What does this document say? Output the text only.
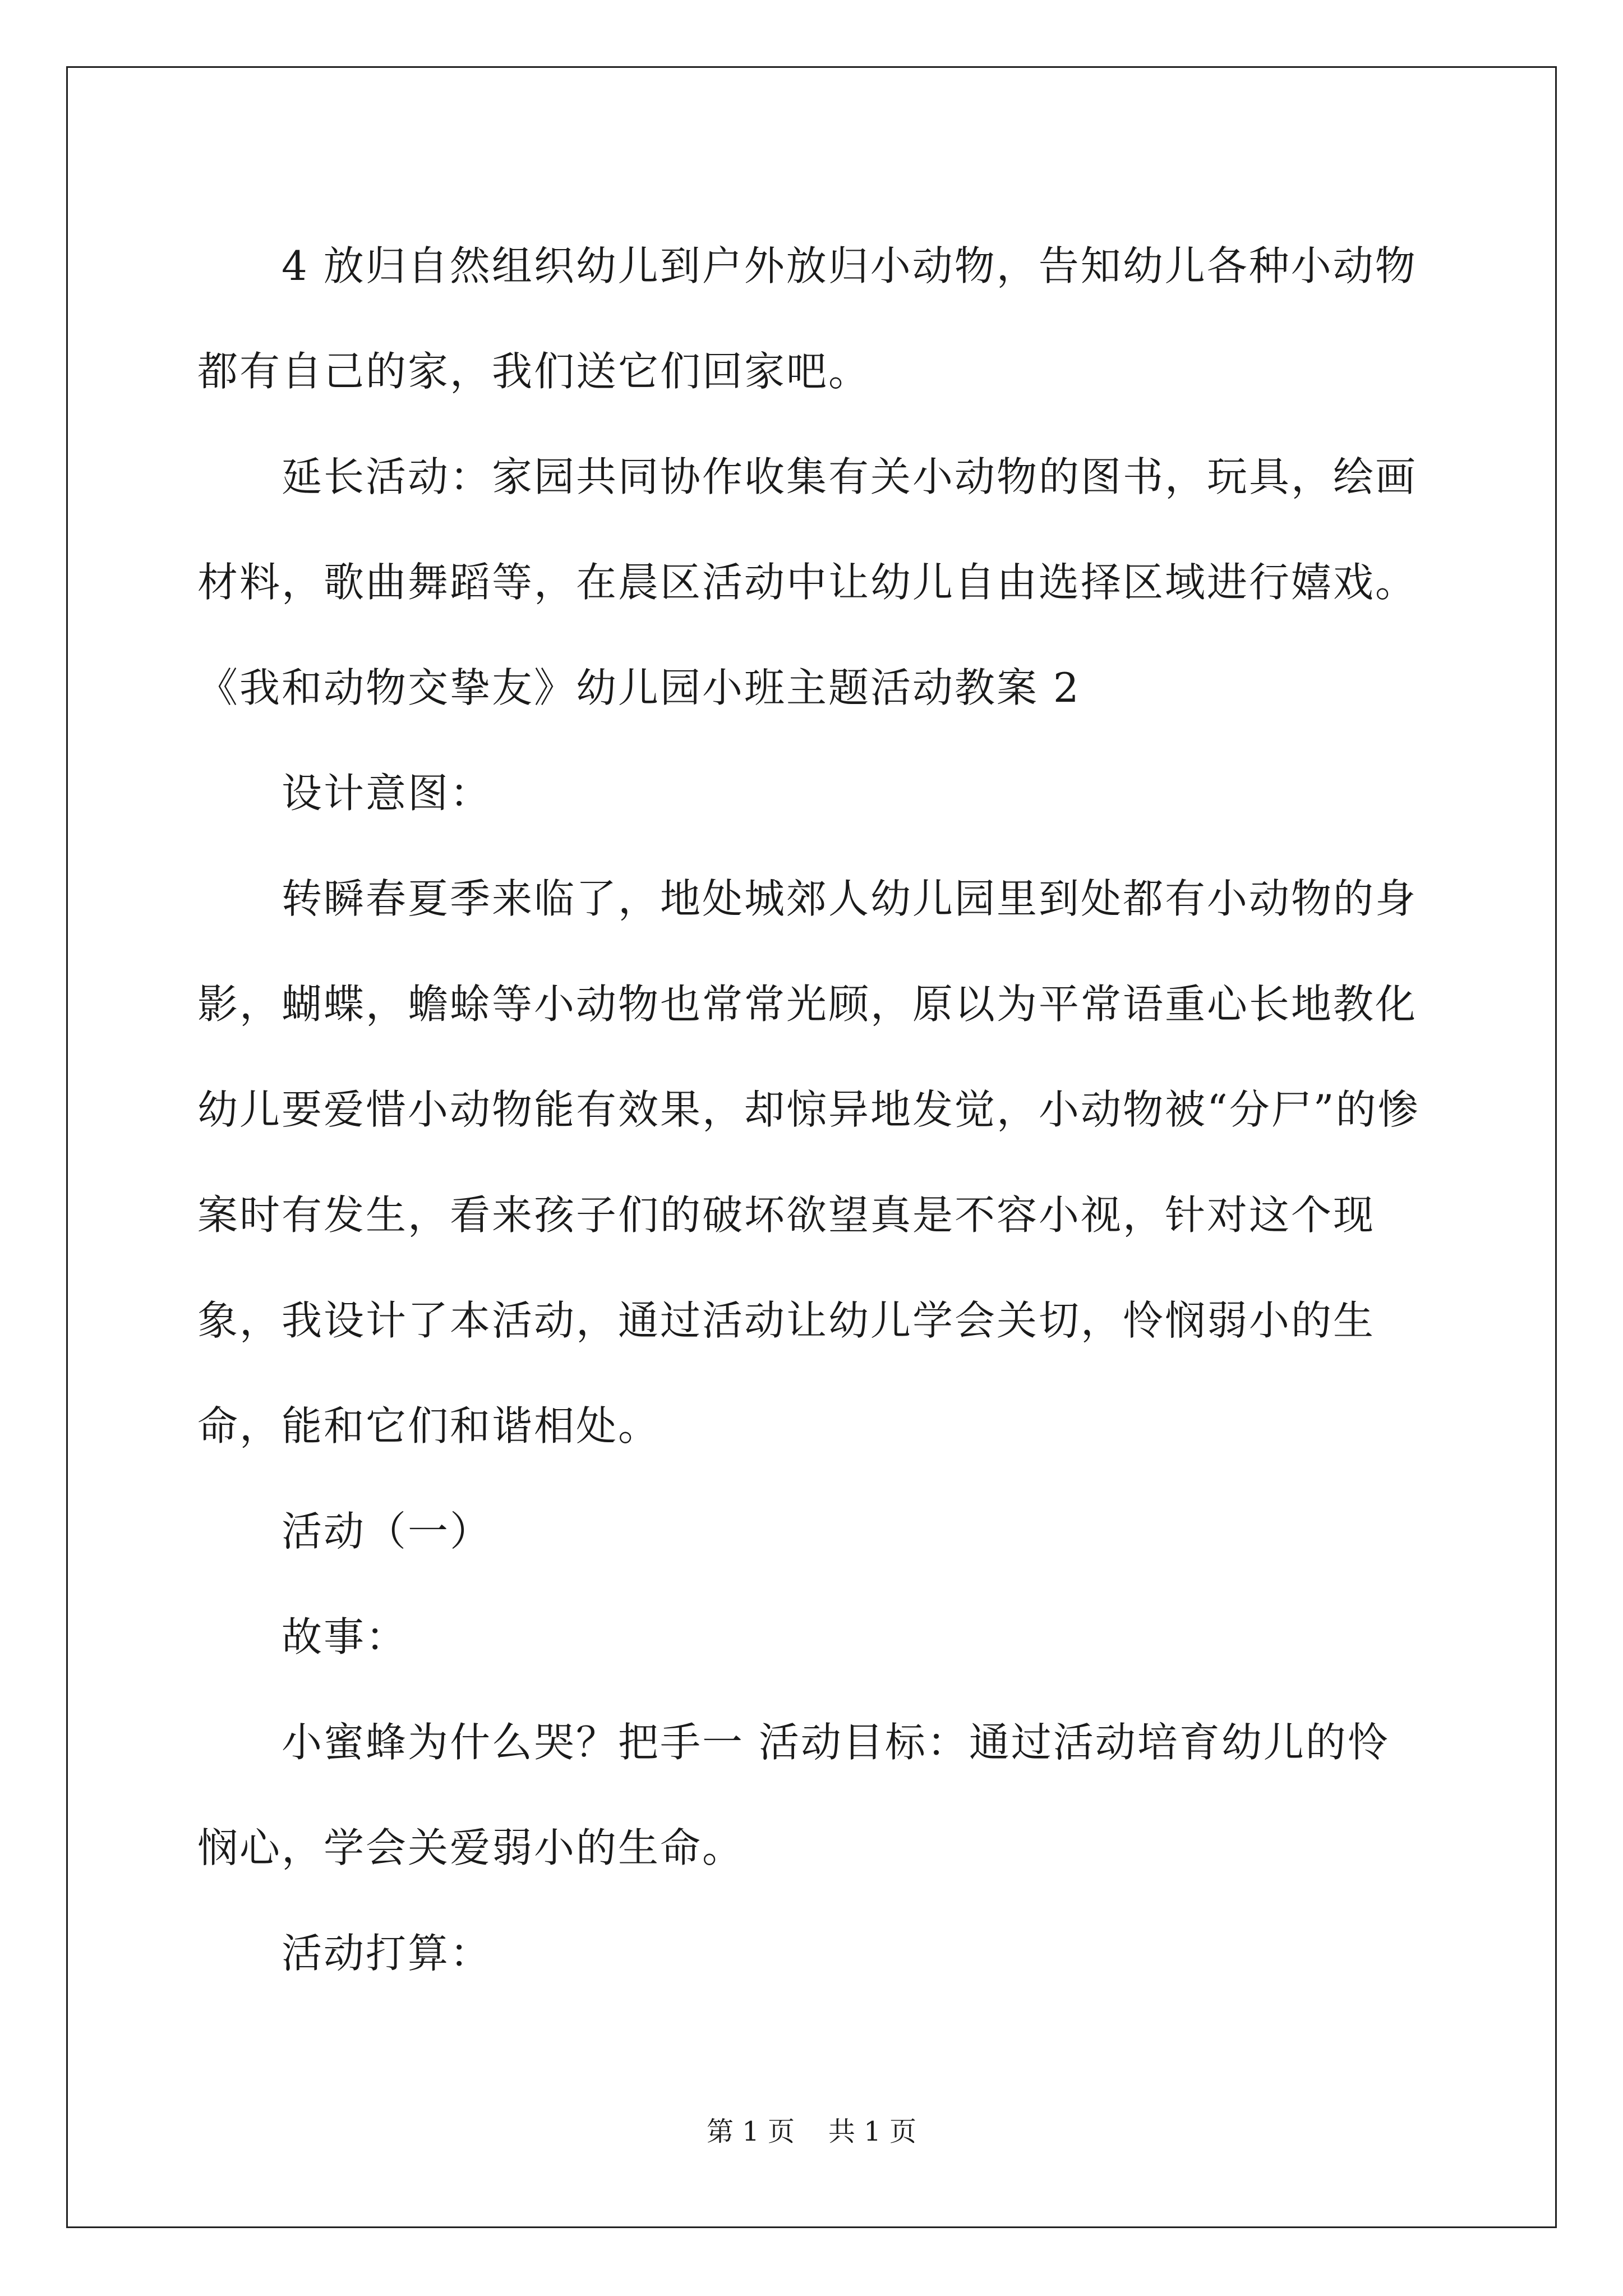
4 放归自然组织幼儿到户外放归小动物，告知幼儿各种小动物都有自己的家，我们送它们回家吧。

延长活动：家园共同协作收集有关小动物的图书，玩具，绘画材料，歌曲舞蹈等，在晨区活动中让幼儿自由选择区域进行嬉戏。

《我和动物交挚友》幼儿园小班主题活动教案 2

设计意图：

转瞬春夏季来临了，地处城郊人幼儿园里到处都有小动物的身影，蝴蝶，蟾蜍等小动物也常常光顾，原以为平常语重心长地教化幼儿要爱惜小动物能有效果，却惊异地发觉，小动物被“分尸”的惨案时有发生，看来孩子们的破坏欲望真是不容小视，针对这个现象，我设计了本活动，通过活动让幼儿学会关切，怜悯弱小的生命，能和它们和谐相处。

活动（一）

故事：

小蜜蜂为什么哭？把手一 活动目标：通过活动培育幼儿的怜悯心，学会关爱弱小的生命。

活动打算：

第 1 页 共 1 页
